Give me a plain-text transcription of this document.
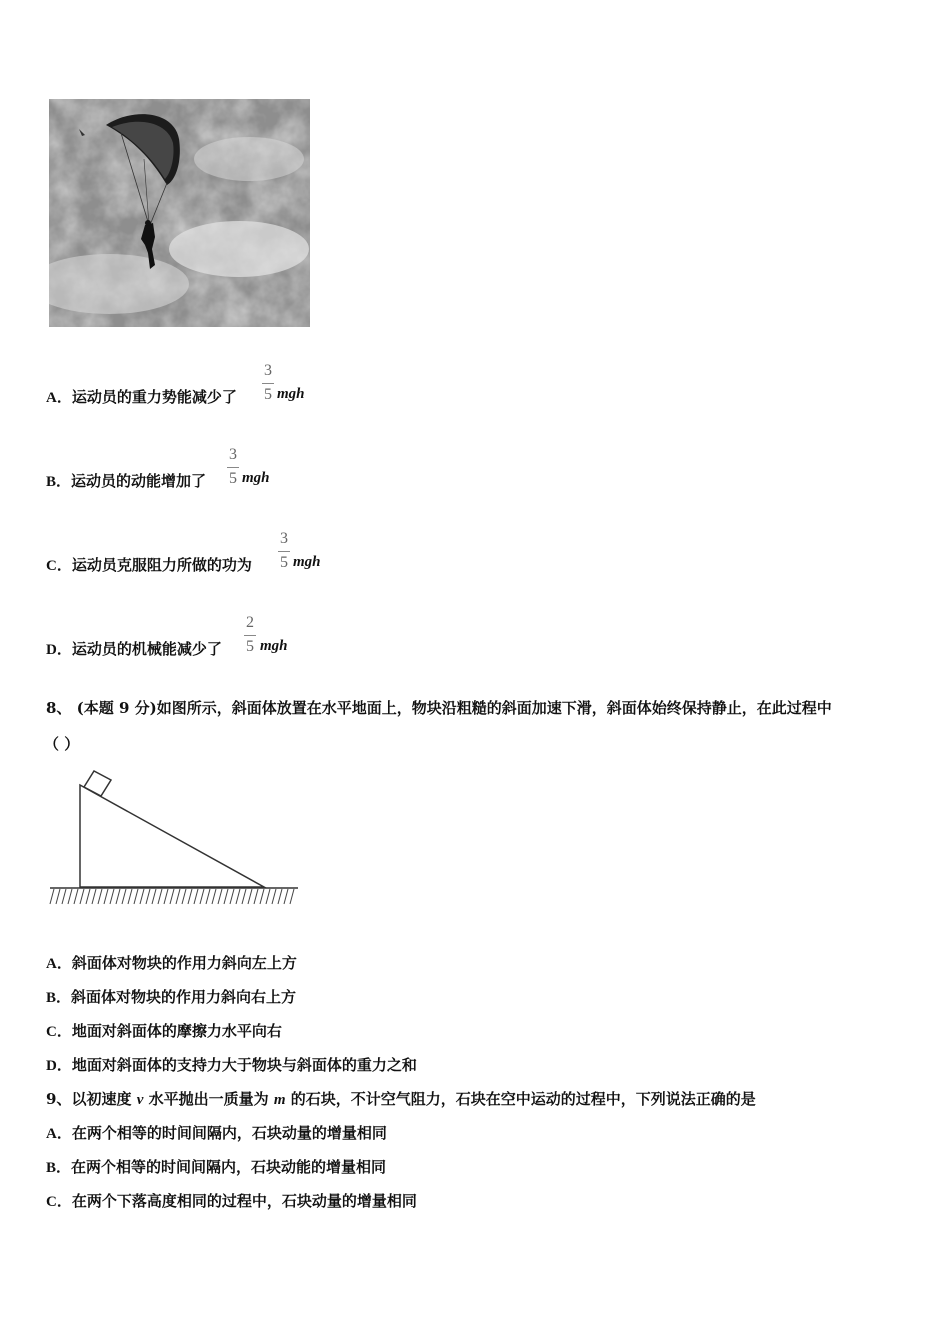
A．运动员的重力势能减少了
3
5 mgh
B．运动员的动能增加了
3
5 mgh
C．运动员克服阻力所做的功为
3
5 mgh
D．运动员的机械能减少了
2
5 mgh
8、 (本题 9 分)如图所示，斜面体放置在水平地面上，物块沿粗糙的斜面加速下滑，斜面体始终保持静止，在此过程中
（ ）
A．斜面体对物块的作用力斜向左上方
B．斜面体对物块的作用力斜向右上方
C．地面对斜面体的摩擦力水平向右
D．地面对斜面体的支持力大于物块与斜面体的重力之和
9、以初速度 v 水平抛出一质量为 m 的石块，不计空气阻力，石块在空中运动的过程中，下列说法正确的是
A．在两个相等的时间间隔内，石块动量的增量相同
B．在两个相等的时间间隔内，石块动能的增量相同
C．在两个下落高度相同的过程中，石块动量的增量相同
